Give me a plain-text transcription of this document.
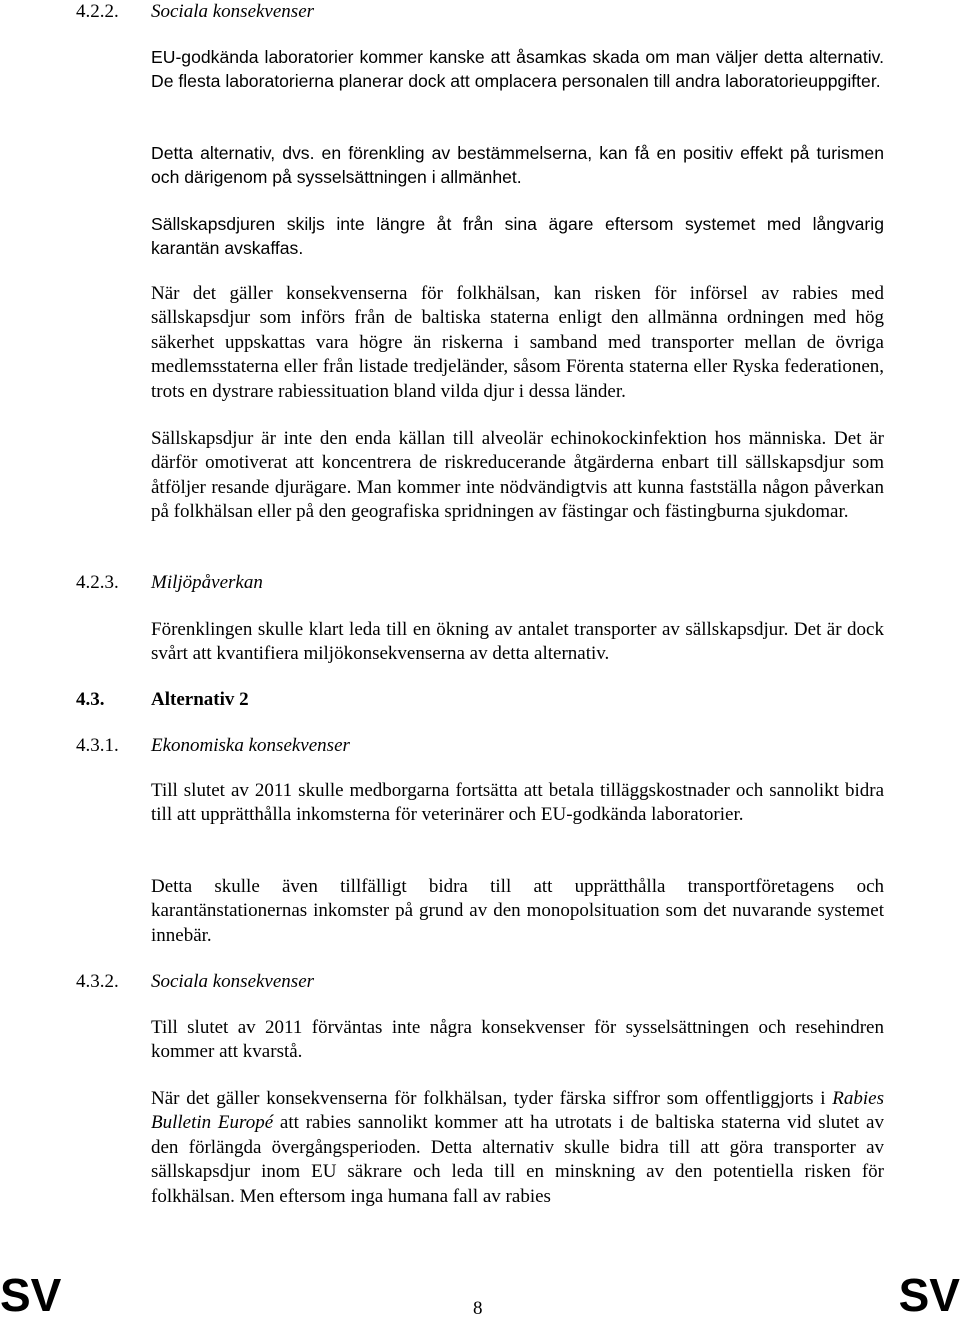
4.2.2. Sociala konsekvenser

EU-godkända laboratorier kommer kanske att åsamkas skada om man väljer detta alternativ. De flesta laboratorierna planerar dock att omplacera personalen till andra laboratorieuppgifter.

Detta alternativ, dvs. en förenkling av bestämmelserna, kan få en positiv effekt på turismen och därigenom på sysselsättningen i allmänhet.

Sällskapsdjuren skiljs inte längre åt från sina ägare eftersom systemet med långvarig karantän avskaffas.

När det gäller konsekvenserna för folkhälsan, kan risken för införsel av rabies med sällskapsdjur som införs från de baltiska staterna enligt den allmänna ordningen med hög säkerhet uppskattas vara högre än riskerna i samband med transporter mellan de övriga medlemsstaterna eller från listade tredjeländer, såsom Förenta staterna eller Ryska federationen, trots en dystrare rabiessituation bland vilda djur i dessa länder.

Sällskapsdjur är inte den enda källan till alveolär echinokockinfektion hos människa. Det är därför omotiverat att koncentrera de riskreducerande åtgärderna enbart till sällskapsdjur som åtföljer resande djurägare. Man kommer inte nödvändigtvis att kunna fastställa någon påverkan på folkhälsan eller på den geografiska spridningen av fästingar och fästingburna sjukdomar.

4.2.3. Miljöpåverkan

Förenklingen skulle klart leda till en ökning av antalet transporter av sällskapsdjur. Det är dock svårt att kvantifiera miljökonsekvenserna av detta alternativ.

4.3. Alternativ 2
4.3.1. Ekonomiska konsekvenser

Till slutet av 2011 skulle medborgarna fortsätta att betala tilläggskostnader och sannolikt bidra till att upprätthålla inkomsterna för veterinärer och EU-godkända laboratorier.

Detta skulle även tillfälligt bidra till att upprätthålla transportföretagens och karantänstationernas inkomster på grund av den monopolsituation som det nuvarande systemet innebär.

4.3.2. Sociala konsekvenser

Till slutet av 2011 förväntas inte några konsekvenser för sysselsättningen och resehindren kommer att kvarstå.

När det gäller konsekvenserna för folkhälsan, tyder färska siffror som offentliggjorts i Rabies Bulletin Europé att rabies sannolikt kommer att ha utrotats i de baltiska staterna vid slutet av den förlängda övergångsperioden. Detta alternativ skulle bidra till att göra transporter av sällskapsdjur inom EU säkrare och leda till en minskning av den potentiella risken för folkhälsan. Men eftersom inga humana fall av rabies

SV	8	SV
